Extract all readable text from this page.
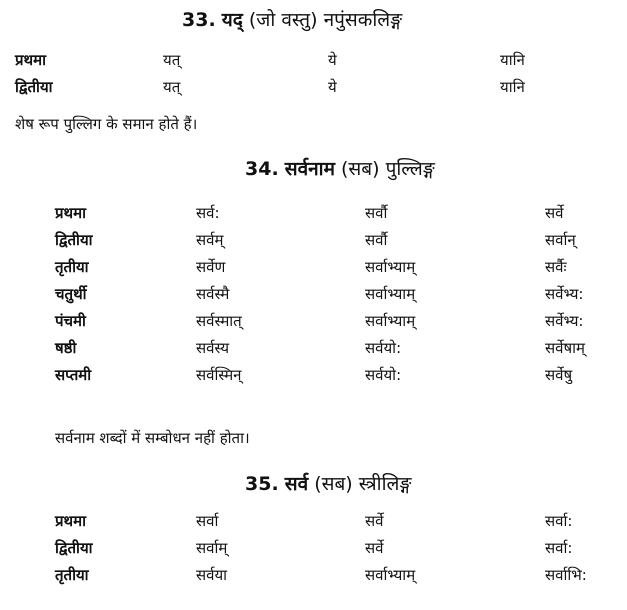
33. यद् (जो वस्तु) नपुंसकलिङ्ग
प्रथमा	यत्	ये	यानि
द्वितीया	यत्	ये	यानि
शेष रूप पुल्लिग के समान होते हैं।
34. सर्वनाम (सब) पुल्लिङ्ग
प्रथमा	सर्व:	सर्वौ	सर्वे
द्वितीया	सर्वम्	सर्वौ	सर्वान्
तृतीया	सर्वेण	सर्वाभ्याम्	सर्वैः
चतुर्थी	सर्वस्मै	सर्वाभ्याम्	सर्वेभ्य:
पंचमी	सर्वस्मात्	सर्वाभ्याम्	सर्वेभ्य:
षष्ठी	सर्वस्य	सर्वयो:	सर्वेषाम्
सप्तमी	सर्वस्मिन्	सर्वयो:	सर्वेषु
सर्वनाम शब्दों में सम्बोधन नहीं होता।
35. सर्व (सब) स्त्रीलिङ्ग
प्रथमा	सर्वा	सर्वे	सर्वा:
द्वितीया	सर्वाम्	सर्वे	सर्वा:
तृतीया	सर्वया	सर्वाभ्याम्	सर्वाभि:
